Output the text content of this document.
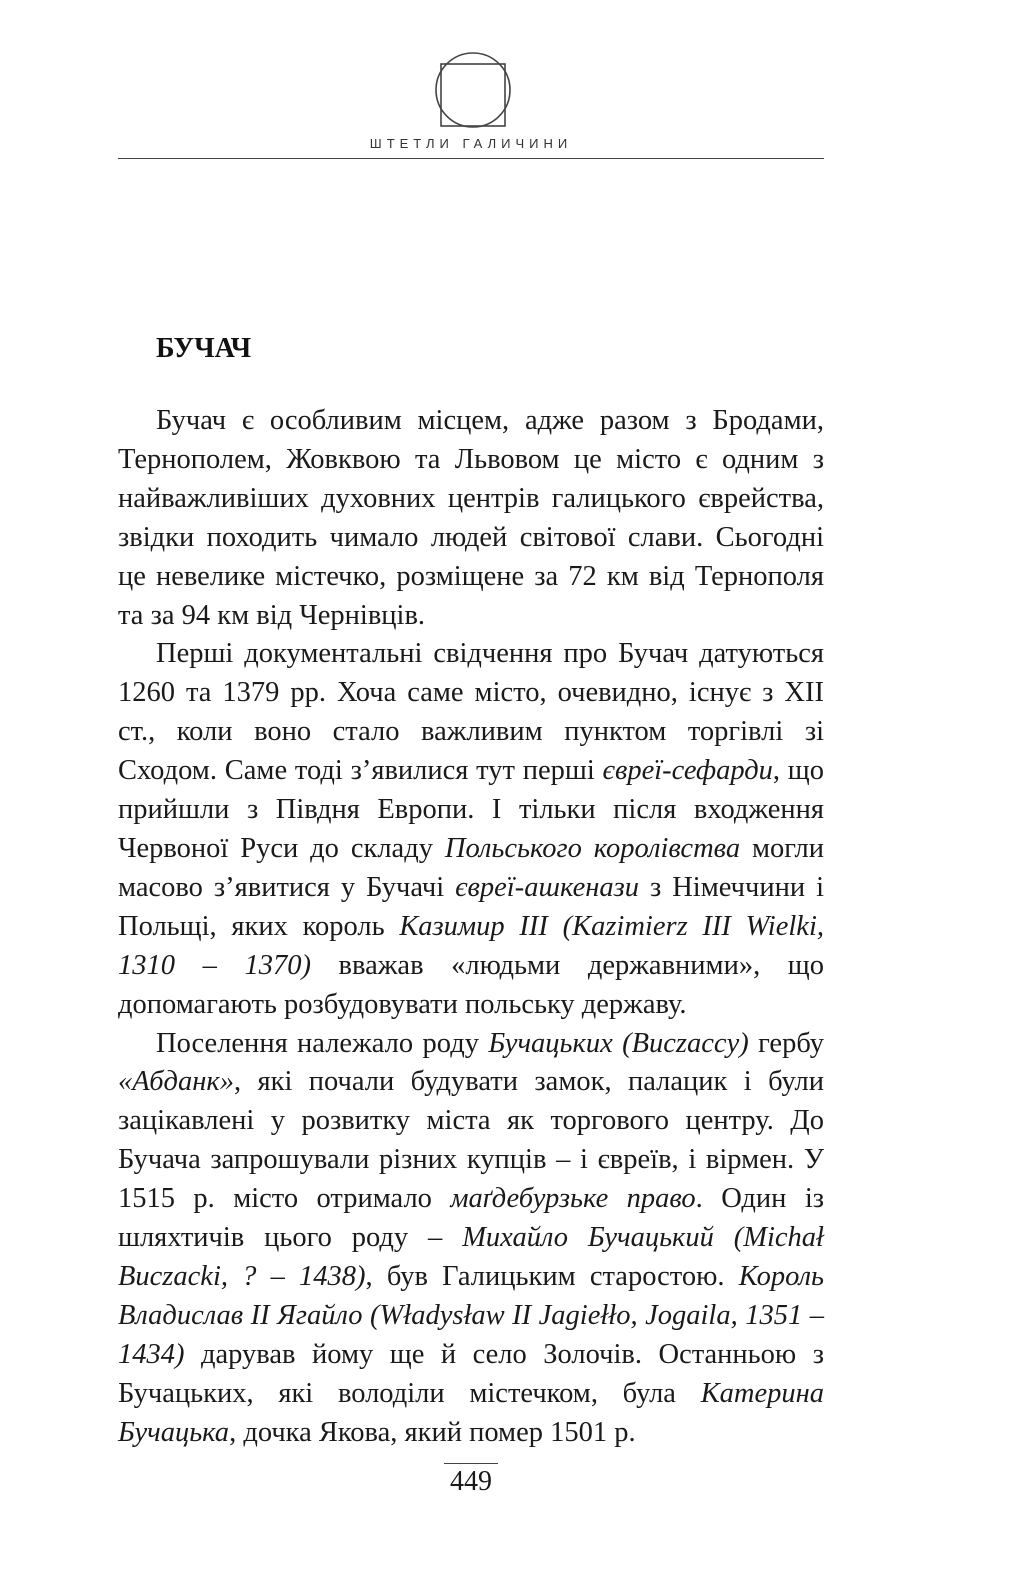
ШТЕТЛИ ГАЛИЧИНИ
БУЧАЧ

Бучач є особливим місцем, адже разом з Бродами, Тернополем, Жовквою та Львовом це місто є одним з найважливіших духовних центрів галицького єврейства, звідки походить чимало людей світової слави. Сьогодні це невелике містечко, розміщене за 72 км від Тернополя та за 94 км від Чернівців.

Перші документальні свідчення про Бучач датуються 1260 та 1379 рр. Хоча саме місто, очевидно, існує з XII ст., коли воно стало важливим пунктом торгівлі зі Сходом. Саме тоді з’явилися тут перші євреї-сефарди, що прийшли з Півдня Европи. І тільки після входження Червоної Руси до складу Польського королівства могли масово з’явитися у Бучачі євреї-ашкенази з Німеччини і Польщі, яких король Казимир III (Kazimierz III Wielki, 1310 – 1370) вважав «людьми державними», що допомагають розбудовувати польську державу.

Поселення належало роду Бучацьких (Buczaccy) гербу «Абданк», які почали будувати замок, палацик і були зацікавлені у розвитку міста як торгового центру. До Бучача запрошували різних купців – і євреїв, і вірмен. У 1515 р. місто отримало маґдебурзьке право. Один із шляхтичів цього роду – Михайло Бучацький (Michał Buczacki, ? – 1438), був Галицьким старостою. Король Владислав II Ягайло (Władysław II Jagiełło, Jogaila, 1351 – 1434) дарував йому ще й село Золочів. Останньою з Бучацьких, які володіли містечком, була Катерина Бучацька, дочка Якова, який помер 1501 р.

449
